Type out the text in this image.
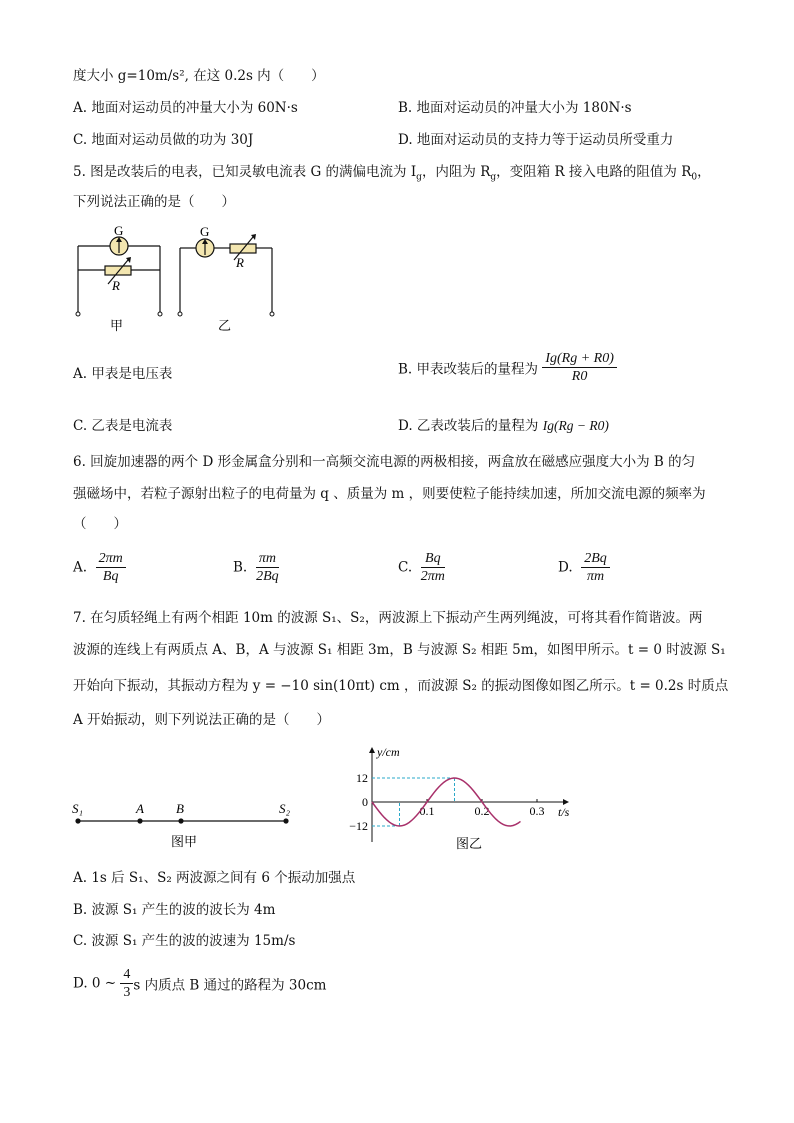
度大小 g=10m/s², 在这 0.2s 内（　　）
A. 地面对运动员的冲量大小为 60N·s	B. 地面对运动员的冲量大小为 180N·s
C. 地面对运动员做的功为 30J	D. 地面对运动员的支持力等于运动员所受重力
5. 图是改装后的电表，已知灵敏电流表 G 的满偏电流为 $I_g$，内阻为 $R_g$，变阻箱 R 接入电路的阻值为 $R_0$，
下列说法正确的是（　　）
G
R
甲
G
R
乙
A. 甲表是电压表	B. 甲表改装后的量程为 $\frac{Ig(Rg + R0)}{R0}$
C. 乙表是电流表	D. 乙表改装后的量程为 Ig(Rg − R0)
6. 回旋加速器的两个 D 形金属盒分别和一高频交流电源的两极相接，两盒放在磁感应强度大小为 B 的匀
强磁场中，若粒子源射出粒子的电荷量为 q 、质量为 m ，则要使粒子能持续加速，所加交流电源的频率为
（　　）
A. $\frac{2\pi m}{Bq}$	B. $\frac{\pi m}{2Bq}$	C. $\frac{Bq}{2\pi m}$	D. $\frac{2Bq}{\pi m}$
7. 在匀质轻绳上有两个相距 10m 的波源 S₁、S₂，两波源上下振动产生两列绳波，可将其看作简谐波。两
波源的连线上有两质点 A、B，A 与波源 S₁ 相距 3m，B 与波源 S₂ 相距 5m，如图甲所示。t = 0 时波源 S₁
开始向下振动，其振动方程为 y = −10 sin(10πt) cm ，而波源 S₂ 的振动图像如图乙所示。t = 0.2s 时质点
A 开始振动，则下列说法正确的是（　　）
S₁	A B	S₂
图甲
12
0
−12
0.1	0.2	0.3
y/cm
t/s
图乙
A. 1s 后 S₁、S₂ 两波源之间有 6 个振动加强点
B. 波源 S₁ 产生的波的波长为 4m
C. 波源 S₁ 产生的波的波速为 15m/s
D. 0 ~ $\frac{4}{3}$ s 内质点 B 通过的路程为 30cm
